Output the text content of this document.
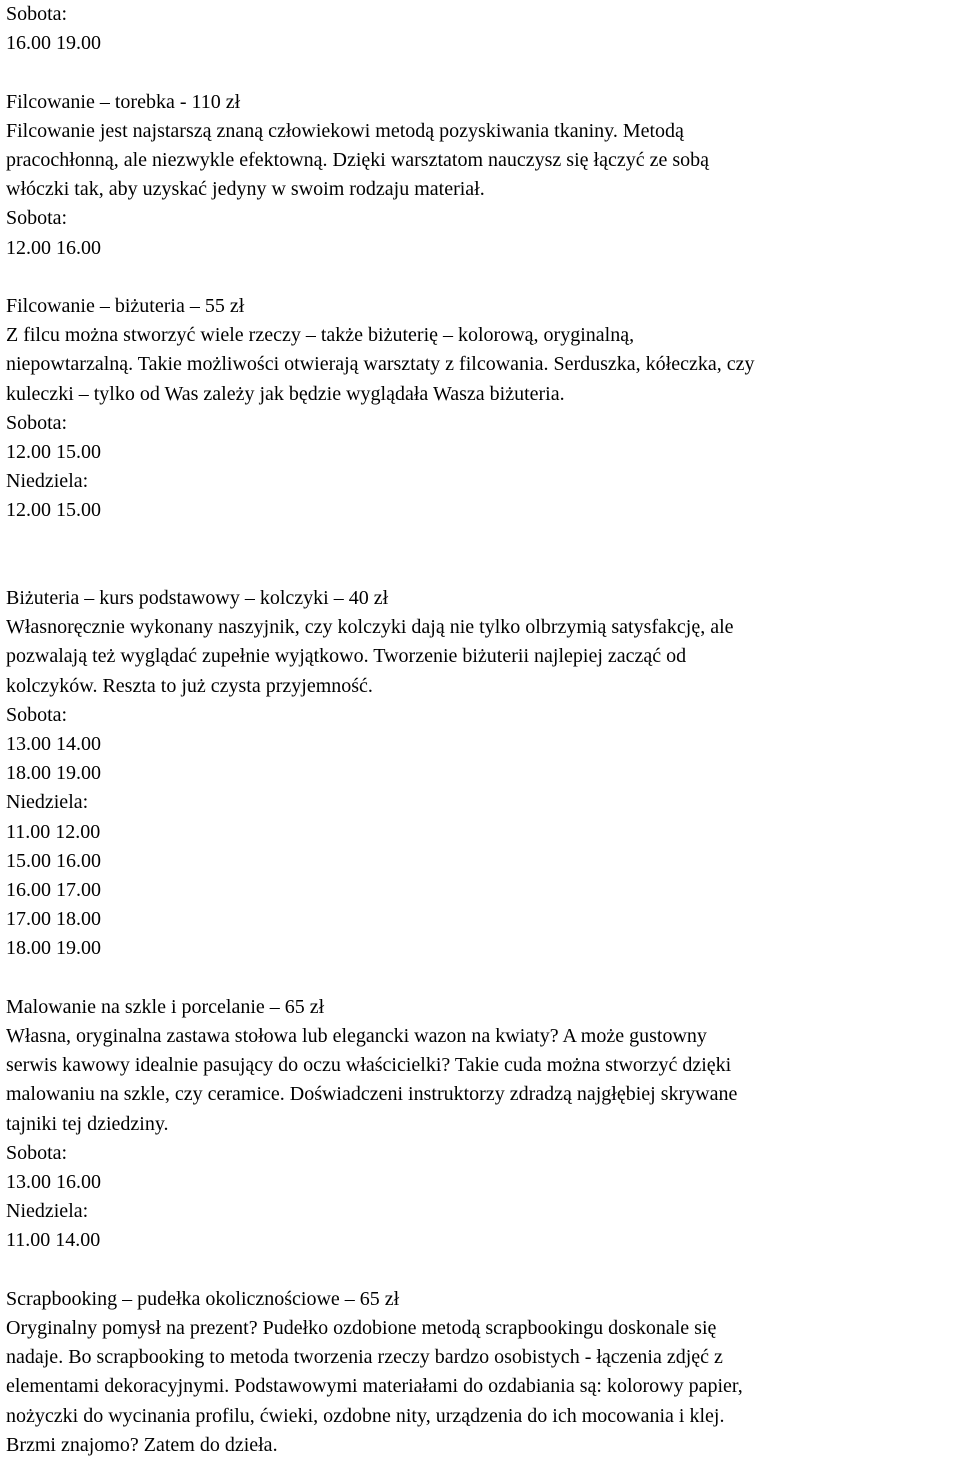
Sobota:
16.00 19.00
Filcowanie – torebka - 110 zł
Filcowanie jest najstarszą znaną człowiekowi metodą pozyskiwania tkaniny. Metodą
pracochłonną, ale niezwykle efektowną. Dzięki warsztatom nauczysz się łączyć ze sobą
włóczki tak, aby uzyskać jedyny w swoim rodzaju materiał.
Sobota:
12.00 16.00
Filcowanie – biżuteria – 55 zł
Z filcu można stworzyć wiele rzeczy – także biżuterię – kolorową, oryginalną,
niepowtarzalną. Takie możliwości otwierają warsztaty z filcowania. Serduszka, kółeczka, czy
kuleczki – tylko od Was zależy jak będzie wyglądała Wasza biżuteria.
Sobota:
12.00 15.00
Niedziela:
12.00 15.00
Biżuteria – kurs podstawowy – kolczyki – 40 zł
Własnoręcznie wykonany naszyjnik, czy kolczyki dają nie tylko olbrzymią satysfakcję, ale
pozwalają też wyglądać zupełnie wyjątkowo. Tworzenie biżuterii najlepiej zacząć od
kolczyków. Reszta to już czysta przyjemność.
Sobota:
13.00 14.00
18.00 19.00
Niedziela:
11.00 12.00
15.00 16.00
16.00 17.00
17.00 18.00
18.00 19.00
Malowanie na szkle i porcelanie – 65 zł
Własna, oryginalna zastawa stołowa lub elegancki wazon na kwiaty? A może gustowny
serwis kawowy idealnie pasujący do oczu właścicielki? Takie cuda można stworzyć dzięki
malowaniu na szkle, czy ceramice. Doświadczeni instruktorzy zdradzą najgłębiej skrywane
tajniki tej dziedziny.
Sobota:
13.00 16.00
Niedziela:
11.00 14.00
Scrapbooking – pudełka okolicznościowe – 65 zł
Oryginalny pomysł na prezent? Pudełko ozdobione metodą scrapbookingu doskonale się
nadaje. Bo scrapbooking to metoda tworzenia rzeczy bardzo osobistych - łączenia zdjęć z
elementami dekoracyjnymi. Podstawowymi materiałami do ozdabiania są: kolorowy papier,
nożyczki do wycinania profilu, ćwieki, ozdobne nity, urządzenia do ich mocowania i klej.
Brzmi znajomo? Zatem do dzieła.
